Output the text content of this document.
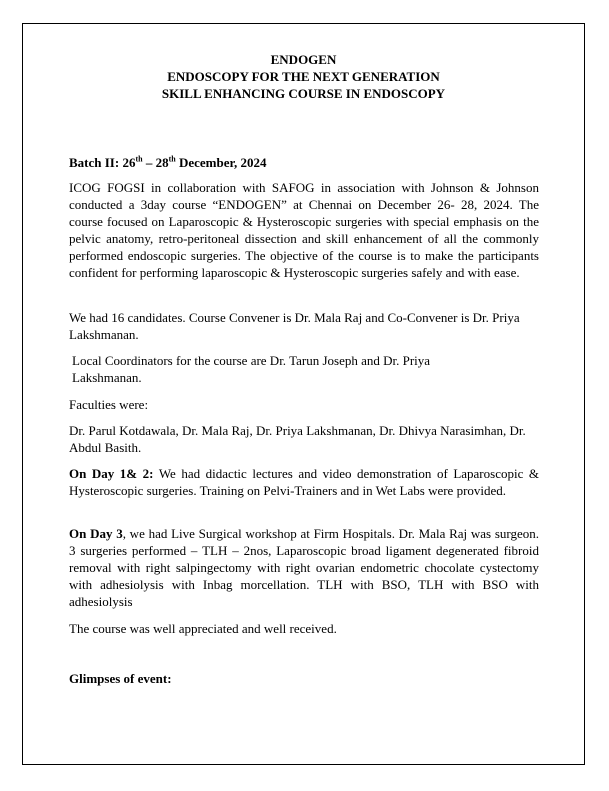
ENDOGEN
ENDOSCOPY FOR THE NEXT GENERATION
SKILL ENHANCING COURSE IN ENDOSCOPY
Batch II: 26th – 28th December, 2024
ICOG FOGSI in collaboration with SAFOG in association with Johnson & Johnson conducted a 3day course “ENDOGEN” at Chennai on December 26- 28, 2024. The course focused on Laparoscopic & Hysteroscopic surgeries with special emphasis on the pelvic anatomy, retro-peritoneal dissection and skill enhancement of all the commonly performed endoscopic surgeries. The objective of the course is to make the participants confident for performing laparoscopic & Hysteroscopic surgeries safely and with ease.
We had 16 candidates. Course Convener is Dr. Mala Raj and Co-Convener is Dr. Priya Lakshmanan.
Local Coordinators for the course are Dr. Tarun Joseph and Dr. Priya Lakshmanan.
Faculties were:
Dr. Parul Kotdawala, Dr. Mala Raj, Dr. Priya Lakshmanan, Dr. Dhivya Narasimhan, Dr. Abdul Basith.
On Day 1& 2: We had didactic lectures and video demonstration of Laparoscopic & Hysteroscopic surgeries. Training on Pelvi-Trainers and in Wet Labs were provided.
On Day 3, we had Live Surgical workshop at Firm Hospitals. Dr. Mala Raj was surgeon. 3 surgeries performed – TLH – 2nos, Laparoscopic broad ligament degenerated fibroid removal with right salpingectomy with right ovarian endometric chocolate cystectomy with adhesiolysis with Inbag morcellation. TLH with BSO, TLH with BSO with adhesiolysis
The course was well appreciated and well received.
Glimpses of event:
